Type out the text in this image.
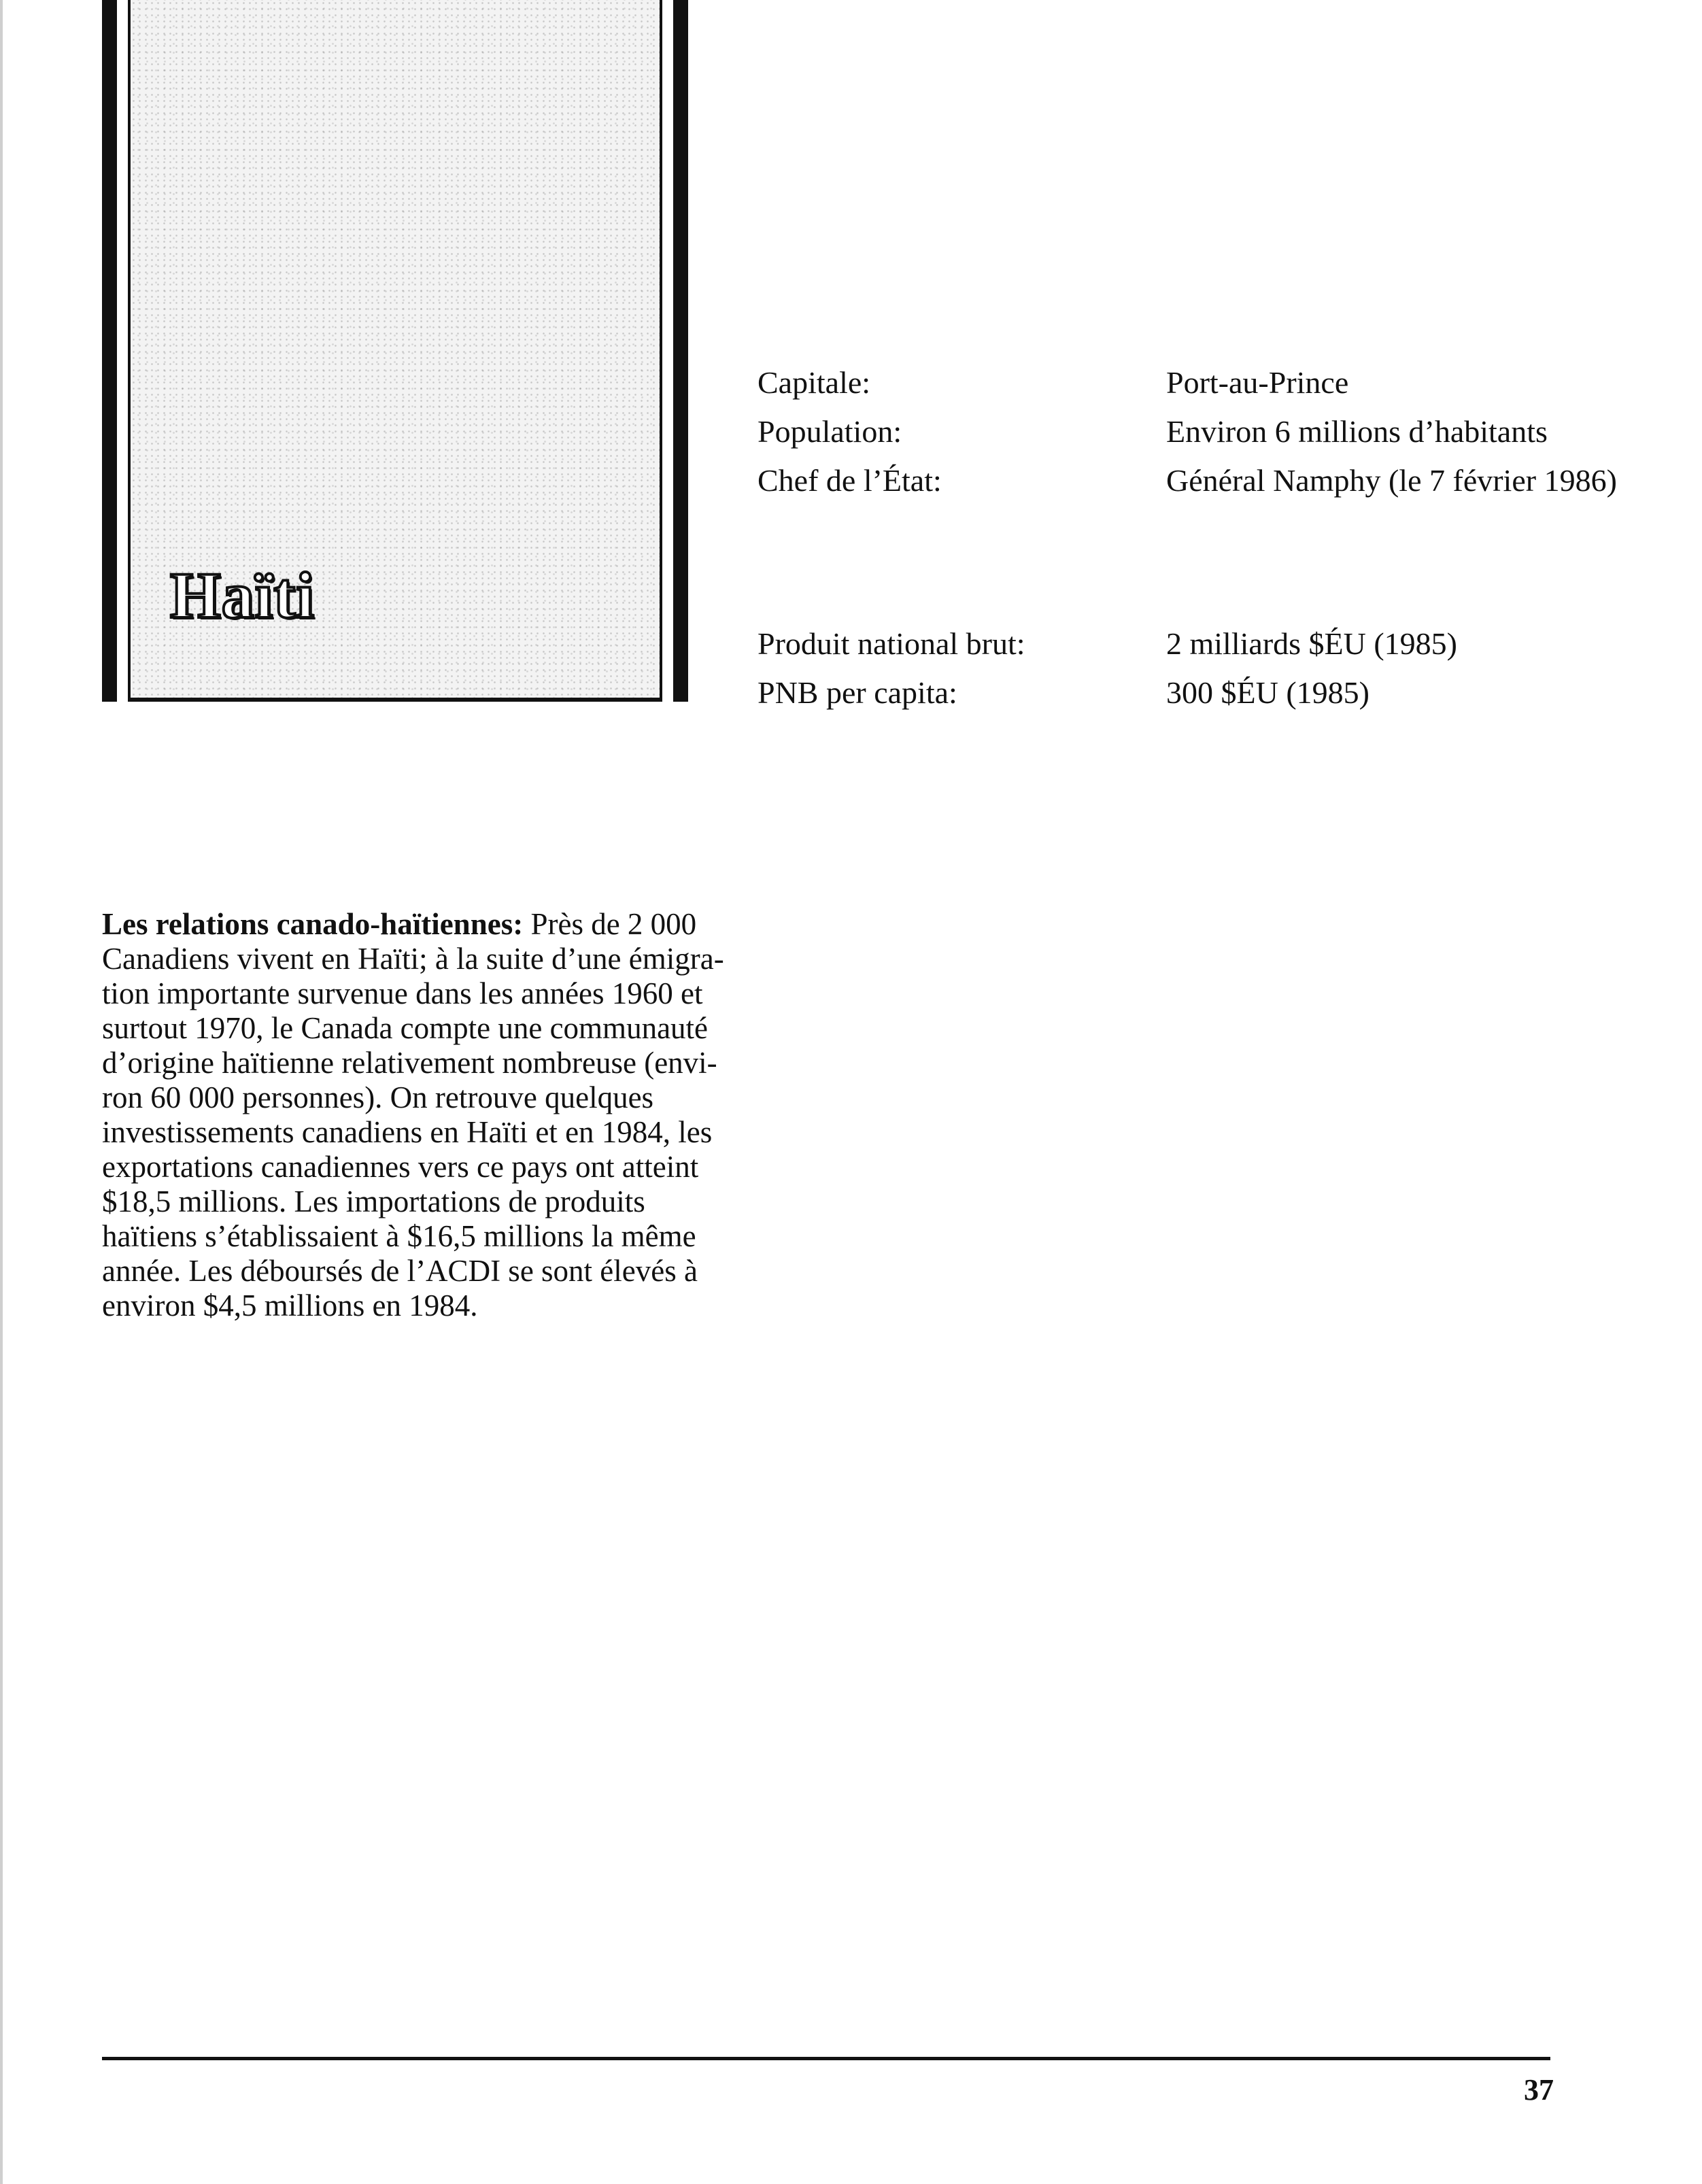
Haïti
Capitale:	Port-au-Prince
Population:	Environ 6 millions d’habitants
Chef de l’État:	Général Namphy (le 7 février 1986)
Produit national brut:	2 milliards $ÉU (1985)
PNB per capita:	300 $ÉU (1985)
Les relations canado-haïtiennes: Près de 2 000
Canadiens vivent en Haïti; à la suite d’une émigra-
tion importante survenue dans les années 1960 et
surtout 1970, le Canada compte une communauté
d’origine haïtienne relativement nombreuse (envi-
ron 60 000 personnes). On retrouve quelques
investissements canadiens en Haïti et en 1984, les
exportations canadiennes vers ce pays ont atteint
$18,5 millions. Les importations de produits
haïtiens s’établissaient à $16,5 millions la même
année. Les déboursés de l’ACDI se sont élevés à
environ $4,5 millions en 1984.
37
